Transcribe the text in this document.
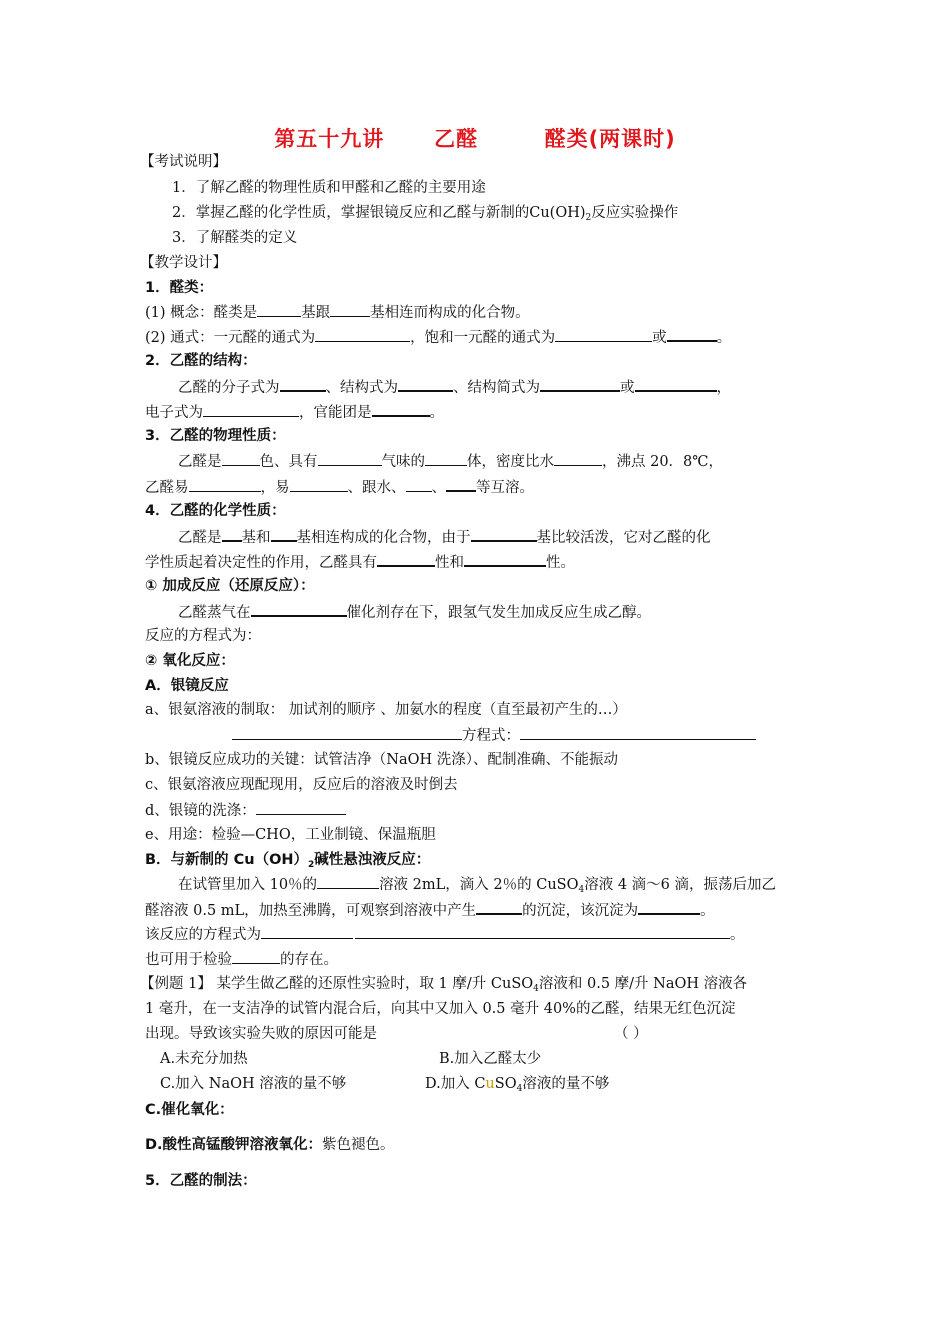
第五十九讲 乙醛	醛类(两课时)
【考试说明】
1．了解乙醛的物理性质和甲醛和乙醛的主要用途
2．掌握乙醛的化学性质，掌握银镜反应和乙醛与新制的$Cu(OH)_2$反应实验操作
3．了解醛类的定义
【教学设计】
1．醛类：
(1) 概念：醛类是	基跟	基相连而构成的化合物。
(2) 通式：一元醛的通式为	，饱和一元醛的通式为	或	。
2．乙醛的结构：
乙醛的分子式为	、结构式为	、结构简式为	或	，
电子式为	，官能团是	。
3．乙醛的物理性质：
乙醛是	色、具有	气味的	体，密度比水	，沸点 20．8℃，
乙醛易	，易	、跟水、 、 等互溶。
4．乙醛的化学性质：
乙醛是 基和 基相连构成的化合物，由于	基比较活泼，它对乙醛的化
学性质起着决定性的作用，乙醛具有	性和	性。
① 加成反应（还原反应）：
乙醛蒸气在	催化剂存在下，跟氢气发生加成反应生成乙醇。
反应的方程式为：
② 氧化反应：
A．银镜反应
a、银氨溶液的制取： 加试剂的顺序 、加氨水的程度（直至最初产生的…）
方程式：
b、银镜反应成功的关键：试管洁净（NaOH 洗涤）、配制准确、不能振动
c、银氨溶液应现配现用，反应后的溶液及时倒去
d、银镜的洗涤：
e、用途：检验—CHO，工业制镜、保温瓶胆
B．与新制的 $Cu(OH)_2$碱性悬浊液反应：
在试管里加入 10％的	溶液 2mL，滴入 2％的 CuSO$_4$溶液 4 滴～6 滴，振荡后加乙
醛溶液 0.5 mL，加热至沸腾，可观察到溶液中产生	的沉淀，该沉淀为	。
该反应的方程式为	。
也可用于检验	的存在。
【例题 1】 某学生做乙醛的还原性实验时，取 1 摩/升 CuSO$_4$溶液和 0.5 摩/升 NaOH 溶液各
1 毫升，在一支洁净的试管内混合后，向其中又加入 0.5 毫升 40%的乙醛，结果无红色沉淀
出现。导致该实验失败的原因可能是	（ ）
A.未充分加热	B.加入乙醛太少
C.加入 NaOH 溶液的量不够	D.加入 CuSO$_4$溶液的量不够
C.催化氧化：
D.酸性高锰酸钾溶液氧化：紫色褪色。
5．乙醛的制法：
